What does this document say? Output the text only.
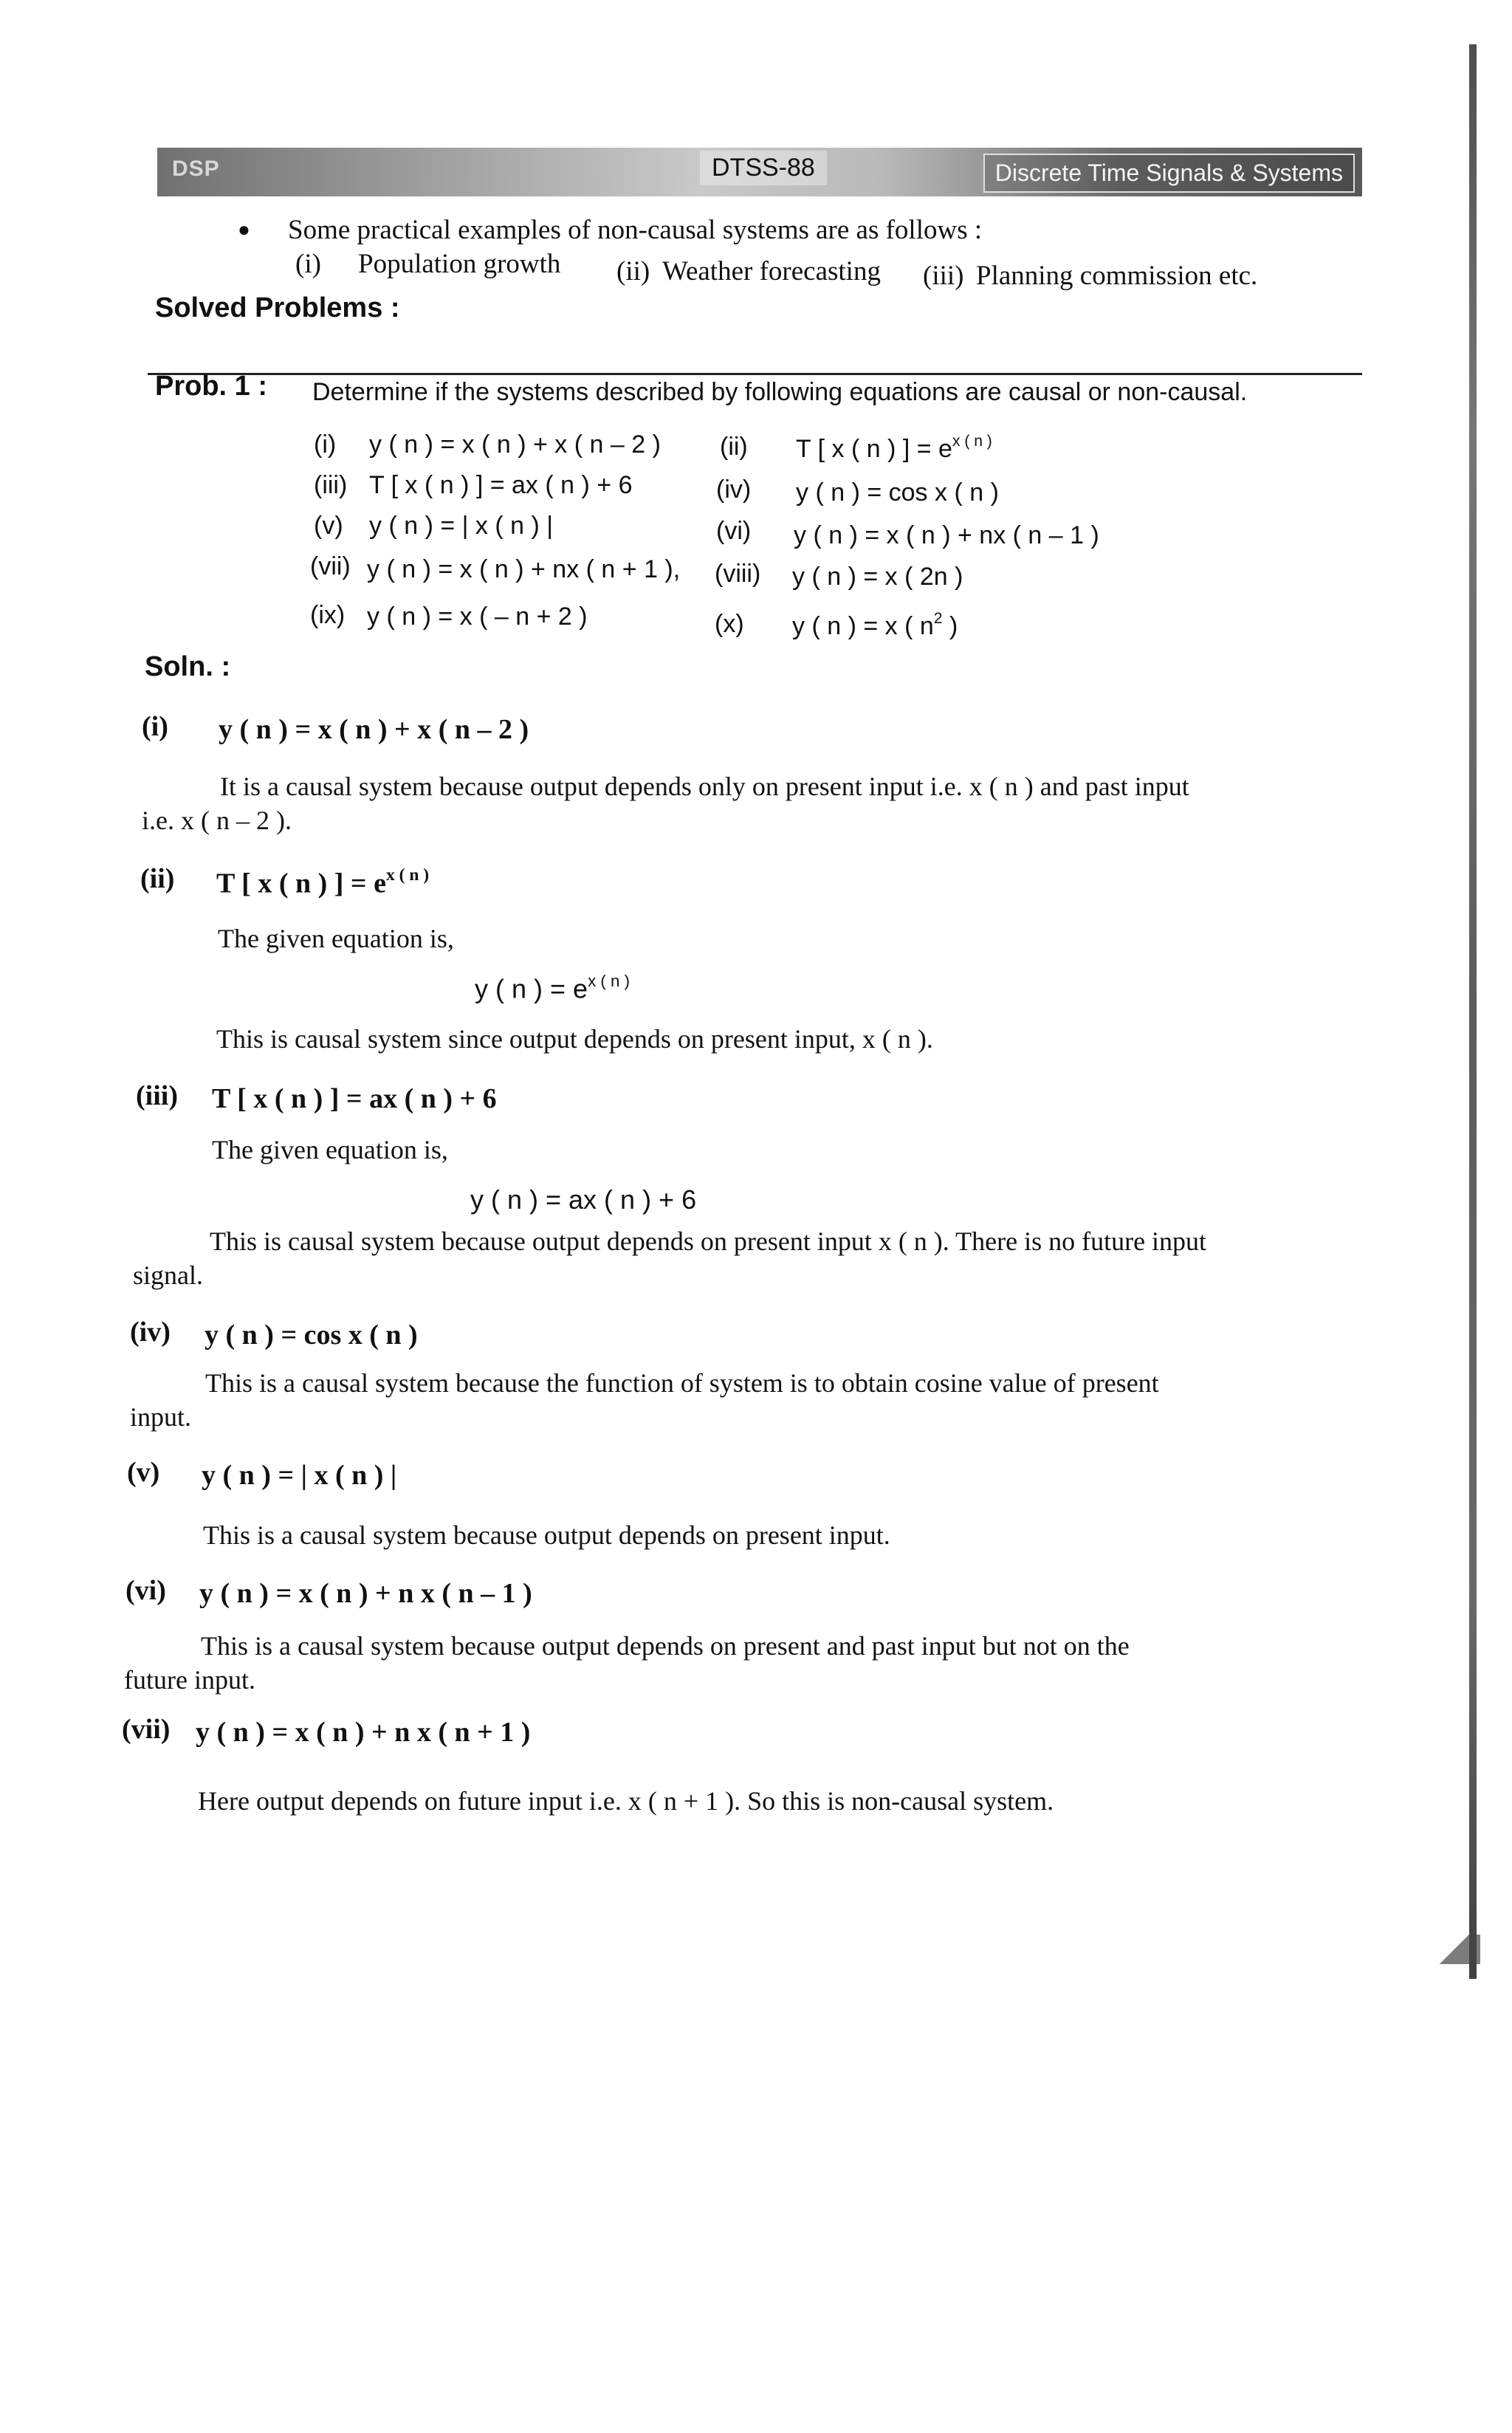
DSP	DTSS-88	Discrete Time Signals & Systems
● Some practical examples of non-causal systems are as follows :
(i) Population growth (ii) Weather forecasting (iii) Planning commission etc.
Solved Problems :
Prob. 1 : Determine if the systems described by following equations are causal or non-causal.
(i) y ( n ) = x ( n ) + x ( n – 2 ) (ii) T [ x ( n ) ] = $e^{x ( n )}$
(iii) T [ x ( n ) ] = ax ( n ) + 6	(iv) y ( n ) = cos x ( n )
(v) y ( n ) = | x ( n ) |	(vi) y ( n ) = x ( n ) + nx ( n – 1 )
(vii) y ( n ) = x ( n ) + nx ( n + 1 ), (viii) y ( n ) = x ( 2n )
(ix) y ( n ) = x ( – n + 2 )	(x) y ( n ) = x ( $n^2$ )
Soln. :
(i) y ( n ) = x ( n ) + x ( n – 2 )
It is a causal system because output depends only on present input i.e. x ( n ) and past input
i.e. x ( n – 2 ).
(ii) T [ x ( n ) ] = $e^{x ( n )}$
The given equation is,
y ( n ) = $e^{x ( n )}$
This is causal system since output depends on present input, x ( n ).
(iii) T [ x ( n ) ] = ax ( n ) + 6
The given equation is,
y ( n ) = ax ( n ) + 6
This is causal system because output depends on present input x ( n ). There is no future input
signal.
(iv) y ( n ) = cos x ( n )
This is a causal system because the function of system is to obtain cosine value of present
input.
(v) y ( n ) = | x ( n ) |
This is a causal system because output depends on present input.
(vi) y ( n ) = x ( n ) + n x ( n – 1 )
This is a causal system because output depends on present and past input but not on the
future input.
(vii) y ( n ) = x ( n ) + n x ( n + 1 )
Here output depends on future input i.e. x ( n + 1 ). So this is non-causal system.
